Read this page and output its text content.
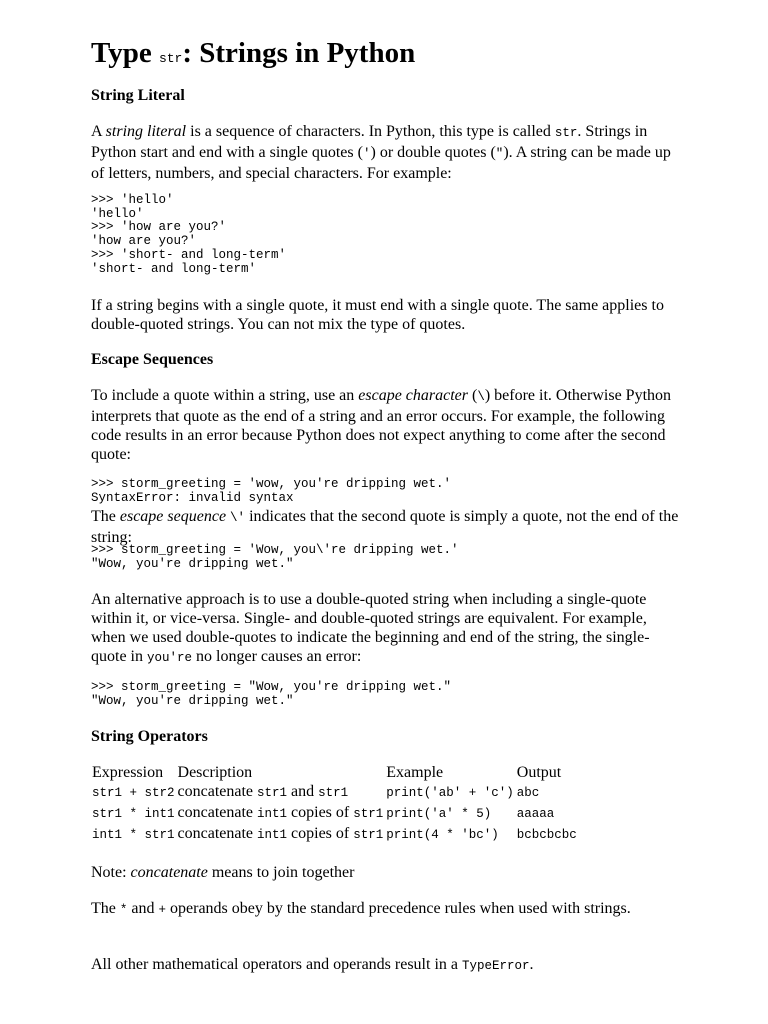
Type str: Strings in Python
String Literal

A string literal is a sequence of characters. In Python, this type is called str. Strings in Python start and end with a single quotes (') or double quotes ("). A string can be made up of letters, numbers, and special characters. For example:

>>> 'hello'
'hello'
>>> 'how are you?'
'how are you?'
>>> 'short- and long-term'
'short- and long-term'

If a string begins with a single quote, it must end with a single quote. The same applies to double-quoted strings. You can not mix the type of quotes.

Escape Sequences

To include a quote within a string, use an escape character (\) before it. Otherwise Python interprets that quote as the end of a string and an error occurs. For example, the following code results in an error because Python does not expect anything to come after the second quote:

>>> storm_greeting = 'wow, you're dripping wet.'
SyntaxError: invalid syntax

The escape sequence \' indicates that the second quote is simply a quote, not the end of the string:

>>> storm_greeting = 'Wow, you\'re dripping wet.'
"Wow, you're dripping wet."

An alternative approach is to use a double-quoted string when including a single-quote within it, or vice-versa. Single- and double-quoted strings are equivalent. For example, when we used double-quotes to indicate the beginning and end of the string, the single-quote in you're no longer causes an error:

>>> storm_greeting = "Wow, you're dripping wet."
"Wow, you're dripping wet."
String Operators
Expression	Description	Example	Output
str1 + str2	concatenate str1 and str1	print('ab' + 'c')	abc
str1 * int1	concatenate int1 copies of str1	print('a' * 5)	aaaaa
int1 * str1	concatenate int1 copies of str1	print(4 * 'bc')	bcbcbcbc

Note: concatenate means to join together

The * and + operands obey by the standard precedence rules when used with strings.

All other mathematical operators and operands result in a TypeError.
